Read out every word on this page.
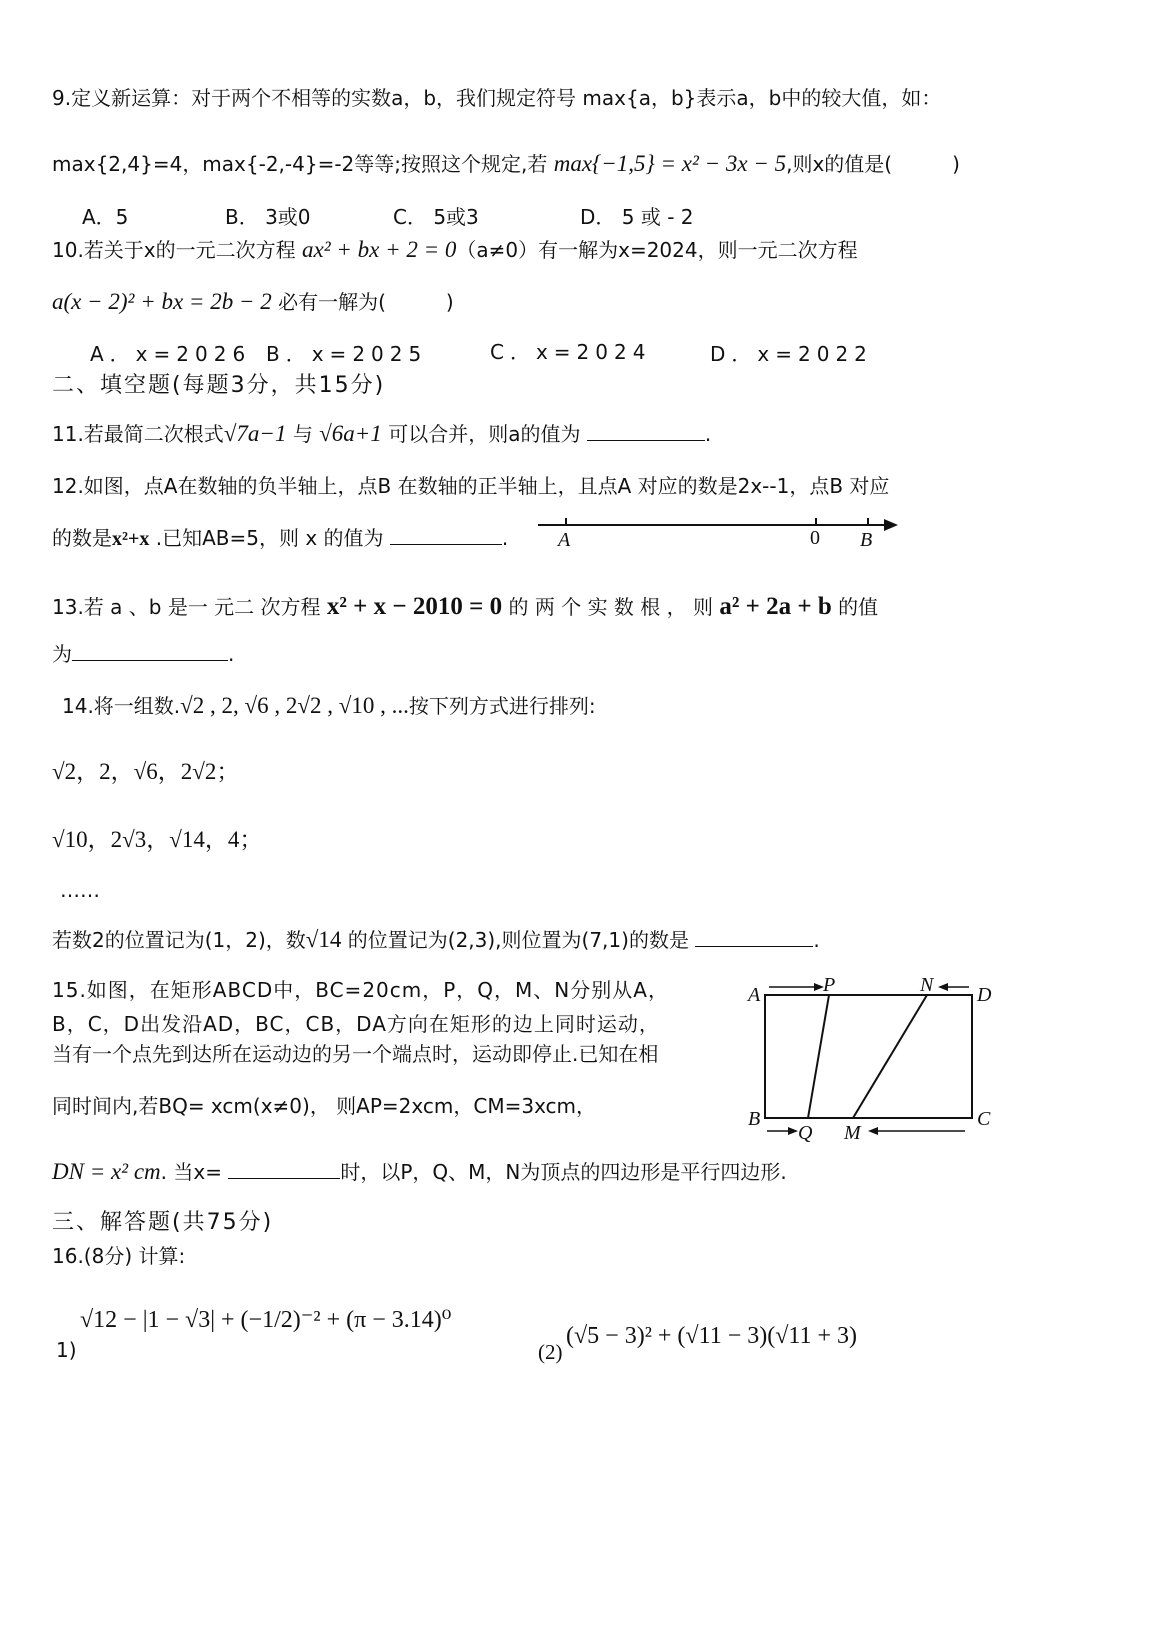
9.定义新运算：对于两个不相等的实数a，b，我们规定符号 max{a，b}表示a，b中的较大值，如：
max{2,4}=4，max{-2,-4}=-2等等;按照这个规定,若 max{−1,5} = x² − 3x − 5,则x的值是(　　　)
A．5	B． 3或0	C． 5或3	D． 5 或 - 2
10.若关于x的一元二次方程 ax² + bx + 2 = 0（a≠0）有一解为x=2024，则一元二次方程
a(x − 2)² + bx = 2b − 2 必有一解为(　　　)
A．x=2026 B．x=2025	C．x=2024	D．x=2022
二、填空题(每题3分，共15分)
11.若最简二次根式√7a−1 与 √6a+1 可以合并，则a的值为	.
12.如图，点A在数轴的负半轴上，点B 在数轴的正半轴上，且点A 对应的数是2x--1，点B 对应
的数是x²+x .已知AB=5，则 x 的值为	. A	0 B
13.若 a 、b 是一 元二 次方程 x² + x − 2010 = 0 的 两 个 实 数 根 ， 则 a² + 2a + b 的值
为	.
14.将一组数.√2 , 2, √6 , 2√2 , √10 , ...按下列方式进行排列:
√2，2，√6，2√2；
√10，2√3，√14，4；
……
若数2的位置记为(1，2)，数√14 的位置记为(2,3),则位置为(7,1)的数是	.
15.如图，在矩形ABCD中，BC=20cm，P，Q，M、N分别从A，
B，C，D出发沿AD，BC，CB，DA方向在矩形的边上同时运动，
当有一个点先到达所在运动边的另一个端点时，运动即停止.已知在相
同时间内,若BQ= xcm(x≠0)， 则AP=2xcm，CM=3xcm，
DN = x² cm. 当x=	时，以P，Q、M，N为顶点的四边形是平行四边形.
A	P	N D
B
Q M
C
三、解答题(共75分)
16.(8分) 计算:
1)
√12 − |1 − √3| + (−1/2)⁻² + (π − 3.14)⁰
(2)
(√5 − 3)² + (√11 − 3)(√11 + 3)
